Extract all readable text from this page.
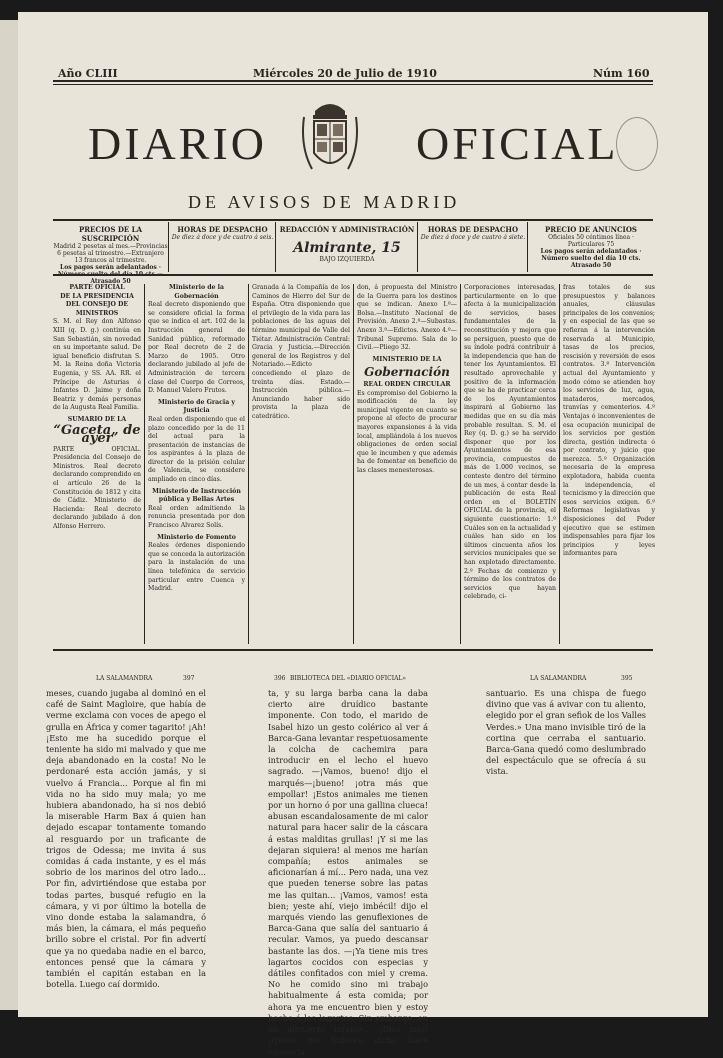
Año CLIII	Miércoles 20 de Julio de 1910	Núm 160
DIARIO	OFICIAL
DE AVISOS DE MADRID
PRECIOS DE LA SUSCRIPCIÓN
Madrid 2 pesetas al mes.—Provincias 6 pesetas al trimestre.—Extranjero 13 francos al trimestre.
Los pagos serán adelantados · Atrasado 50
HORAS DE DESPACHO
De diez á doce y de cuatro á seis.
REDACCIÓN Y ADMINISTRACIÓN
Almirante, 15
BAJO IZQUIERDA
HORAS DE DESPACHO
De diez á doce y de cuatro á siete.
PRECIO DE ANUNCIOS
Oficiales 50 céntimos línea · Particulares 75
Los pagos serán adelantados · Número suelto del día 10 cts. Atrasado 50
PARTE OFICIAL
DE LA PRESIDENCIA DEL CONSEJO DE MINISTROS

S. M. el Rey don Alfonso XIII (q. D. g.) continúa en San Sebastián, sin novedad en su importante salud. De igual beneficio disfrutan S. M. la Reina doña Victoria Eugenia, y SS. AA. RR. el Príncipe de Asturias é Infantes D. Jaime y doña Beatriz y demás personas de la Augusta Real Familia.

SUMARIO DE LA
“Gaceta„ de ayer

PARTE OFICIAL. Presidencia del Consejo de Ministros. Real decreto declarando comprendido en el artículo 26 de la Constitución de 1812 y cita de Cádiz. Ministerio de Hacienda: Real decreto declarando jubilado á don Alfonso Herrero.

Ministerio de la Gobernación

Real decreto disponiendo que se considere oficial la forma que se indica el art. 102 de la Instrucción general de Sanidad pública, reformado por Real decreto de 2 de Marzo de 1905. Otro declarando jubilado al jefe de Administración de tercera clase del Cuerpo de Correos, D. Manuel Valero Frutos.

Ministerio de Gracia y Justicia

Real orden disponiendo que el plazo concedido por la de 11 del actual para la presentación de instancias de los aspirantes á la plaza de director de la prisión celular de Valencia, se considere ampliado en cinco días.

Ministerio de Instrucción pública y Bellas Artes

Real orden admitiendo la renuncia presentada por don Francisco Alvarez Solís.

Ministerio de Fomento

Reales órdenes disponiendo que se conceda la autorización para la instalación de una línea telefónica de servicio particular entre Cuenca y Madrid.

Granada á la Compañía de los Caminos de Hierro del Sur de España. Otra disponiendo que el privilegio de la vida para las poblaciones de las aguas del término municipal de Valle del Tiétar. Administración Central: Gracia y Justicia.—Dirección general de los Registros y del Notariado.—Edicto concediendo el plazo de treinta días. Estado.—Instrucción pública.—Anunciando haber sido provista la plaza de catedrático.

don, á propuesta del Ministro de la Guerra para los destinos que se indican. Anexo I.º—Bolsa.—Instituto Nacional de Previsión. Anexo 2.º—Subastas. Anexo 3.º—Edictos. Anexo 4.º—Tribunal Supremo. Sala de lo Civil.—Pliego 32.

MINISTERIO DE LA
Gobernación
REAL ORDEN CIRCULAR

Es compromiso del Gobierno la modificación de la ley municipal vigente en cuanto se propone al efecto de procurar mayores expansiones á la vida local, ampliándola á los nuevos obligaciones de orden social que le incumben y que además ha de fomentar en beneficio de las clases menesterosas.

Corporaciones interesadas, particularmente en lo que afecta á la municipalización de servicios, bases fundamentales de la reconstitución y mejora que se persiguen, puesto que de su índole podrá contribuir á la independencia que han de tener los Ayuntamientos. El resultado aprovechable y positivo de la información que se ha de practicar cerca de los Ayuntamientos inspirará al Gobierno las medidas que en su día más probable resultan. S. M. el Rey (q. D. g.) se ha servido disponer que por los Ayuntamientos de esa provincia, compuestos de más de 1.000 vecinos, se conteste dentro del término de un mes, á contar desde la publicación de esta Real orden en el BOLETÍN OFICIAL de la provincia, el siguiente cuestionario: 1.º Cuáles son en la actualidad y cuáles han sido en los últimos cincuenta años los servicios municipales que se han explotado directamente. 2.º Fechas de comienzo y término de los contratos de servicios que hayan celebrado, ci-

fras totales de sus presupuestos y balances anuales, cláusulas principales de los convenios; y en especial de las que se refieran á la intervención reservada al Municipio, tasas de los precios, rescisión y reversión de esos contratos. 3.º Intervención actual del Ayuntamiento y modo cómo se atienden hoy los servicios de luz, agua, mataderos, mercados, tranvías y cementerios. 4.º Ventajas ó inconvenientes de esa ocupación municipal de los servicios por gestión directa, gestión indirecta ó por contrato, y juicio que merezca. 5.º Organización necesaria de la empresa explotadora, habida cuenta la independencia, el tecnicismo y la dirección que esos servicios exigen. 6.º Reformas legislativas y disposiciones del Poder ejecutivo que se estimen indispensables para fijar los principios y leyes informantes para

LA SALAMANDRA	397	396 BIBLIOTECA DEL «DIARIO OFICIAL»	LA SALAMANDRA	395

meses, cuando jugaba al dominó en el café de Saint Magloire, que había de verme exclama con voces de apego el grulla en África y comer tagarito! ¡Ah! ¡Esto me ha sucedido porque el teniente ha sido mi malvado y que me deja abandonado en la costa! No le perdonaré esta acción jamás, y si vuelvo á Francia... Porque al fin mi vida no ha sido muy mala; yo me hubiera abandonado, ha si nos debió la miserable Harm Bax á quien han dejado escapar tontamente tomando al resguardo por un traficante de trigos de Odessa; me invita á sus comidas á cada instante, y es el más sobrio de los marinos del otro lado... Por fin, advirtiéndose que estaba por todas partes, busqué refugio en la cámara, y vi por último la botella de vino donde estaba la salamandra, ó más bien, la cámara, el más pequeño brillo sobre el cristal. Por fin advertí que ya no quedaba nadie en el barco, entonces pensé que la cámara y también el capitán estaban en la botella. Luego caí dormido.

ta, y su larga barba cana la daba cierto aire druídico bastante imponente. Con todo, el marido de Isabel hizo un gesto colérico al ver á Barca-Gana levantar respetuosamente la colcha de cachemira para introducir en el lecho el huevo sagrado. —¡Vamos, bueno! dijo el marqués—¡bueno! ¡otra más que empollar! ¡Estos animales me tienen por un horno ó por una gallina clueca! abusan escandalosamente de mi calor natural para hacer salir de la cáscara á estas malditas grullas! ¡Y si me las dejaran siquiera! al menos me harían compañía; estos animales se aficionarían á mí... Pero nada, una vez que pueden tenerse sobre las patas me las quitan... ¡Vamos, vamos! esta bien; yeste ahí, viejo imbécil! dijo el marqués viendo las genuflexiones de Barca-Gana que salía del santuario á recular. Vamos, ya puedo descansar bastante las dos. —¡Ya tiene mis tres lagartos cocidos con especias y dátiles confitados con miel y crema. No he comido sino mi trabajo habitualmente á esta comida; por ahora ya me encuentro bien y estoy hecho á los lagartos. Sin embargo, en un almuerzo infame... ¡Dios mío! ¡Quién me hubiera dicho hace cuarenta

santuario. Es una chispa de fuego divino que vas á avivar con tu aliento, elegido por el gran sefiok de los Valles Verdes.» Una mano invisible tiró de la cortina que cerraba el santuario. Barca-Gana quedó como deslumbrado del espectáculo que se ofrecía á su vista.
